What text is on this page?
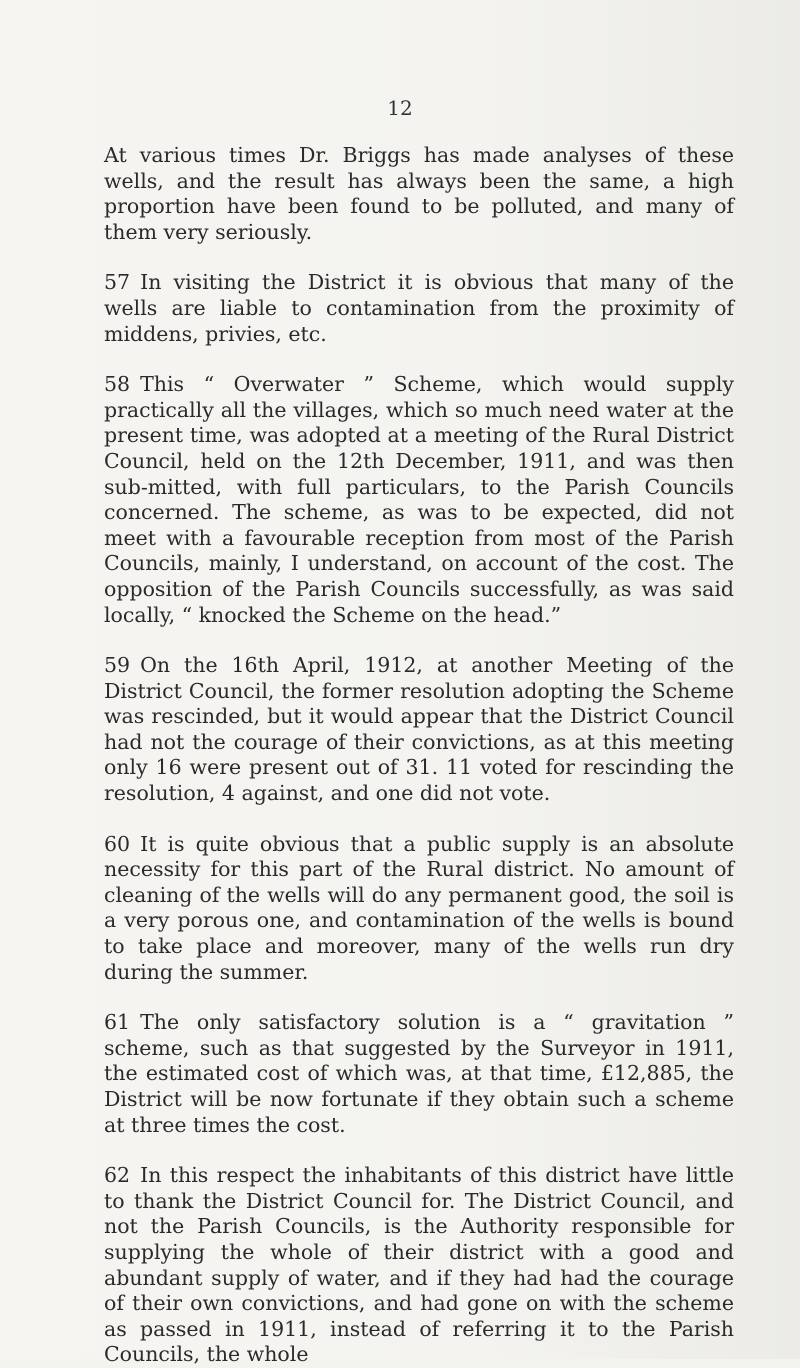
12

At various times Dr. Briggs has made analyses of these wells, and the result has always been the same, a high proportion have been found to be polluted, and many of them very seriously.

57 In visiting the District it is obvious that many of the wells are liable to contamination from the proximity of middens, privies, etc.

58 This “ Overwater ” Scheme, which would supply practically all the villages, which so much need water at the present time, was adopted at a meeting of the Rural District Council, held on the 12th December, 1911, and was then sub-mitted, with full particulars, to the Parish Councils concerned. The scheme, as was to be expected, did not meet with a favourable reception from most of the Parish Councils, mainly, I understand, on account of the cost. The opposition of the Parish Councils successfully, as was said locally, “ knocked the Scheme on the head.”

59 On the 16th April, 1912, at another Meeting of the District Council, the former resolution adopting the Scheme was rescinded, but it would appear that the District Council had not the courage of their convictions, as at this meeting only 16 were present out of 31. 11 voted for rescinding the resolution, 4 against, and one did not vote.

60 It is quite obvious that a public supply is an absolute necessity for this part of the Rural district. No amount of cleaning of the wells will do any permanent good, the soil is a very porous one, and contamination of the wells is bound to take place and moreover, many of the wells run dry during the summer.

61 The only satisfactory solution is a “ gravitation ” scheme, such as that suggested by the Surveyor in 1911, the estimated cost of which was, at that time, £12,885, the District will be now fortunate if they obtain such a scheme at three times the cost.

62 In this respect the inhabitants of this district have little to thank the District Council for. The District Council, and not the Parish Councils, is the Authority responsible for supplying the whole of their district with a good and abundant supply of water, and if they had had the courage of their own convictions, and had gone on with the scheme as passed in 1911, instead of referring it to the Parish Councils, the whole
